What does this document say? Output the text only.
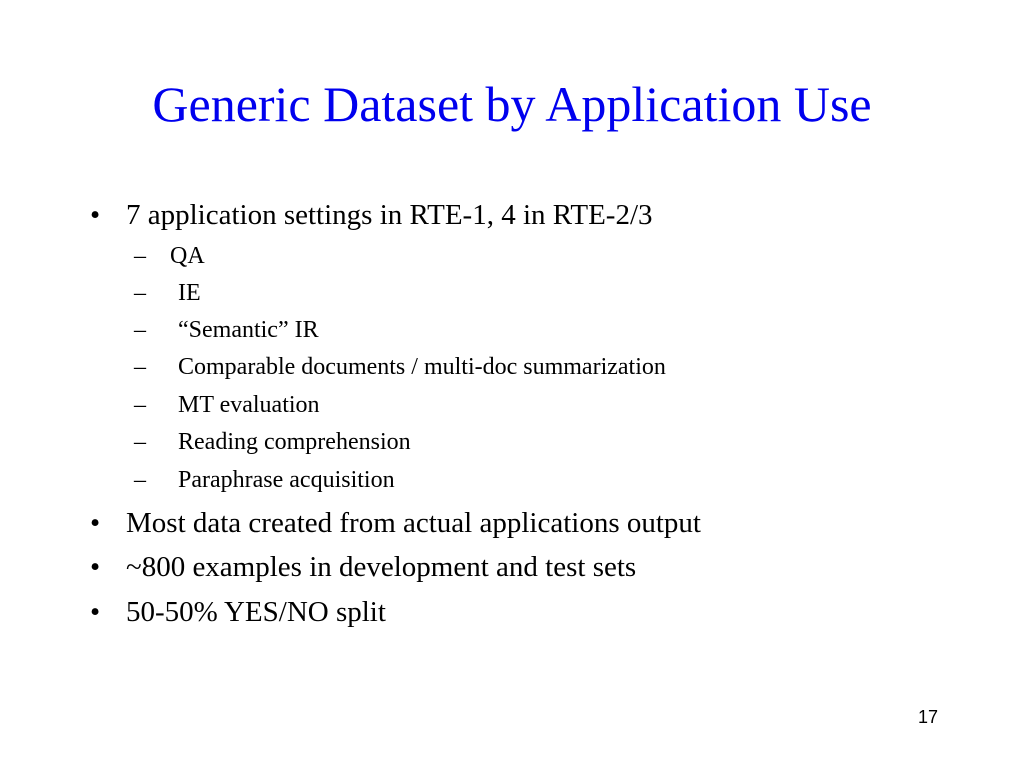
Generic Dataset by Application Use
• 7 application settings in RTE-1, 4 in RTE-2/3
– QA
– IE
– “Semantic” IR
– Comparable documents / multi-doc summarization
– MT evaluation
– Reading comprehension
– Paraphrase acquisition
• Most data created from actual applications output
• ~800 examples in development and test sets
• 50-50% YES/NO split
17
